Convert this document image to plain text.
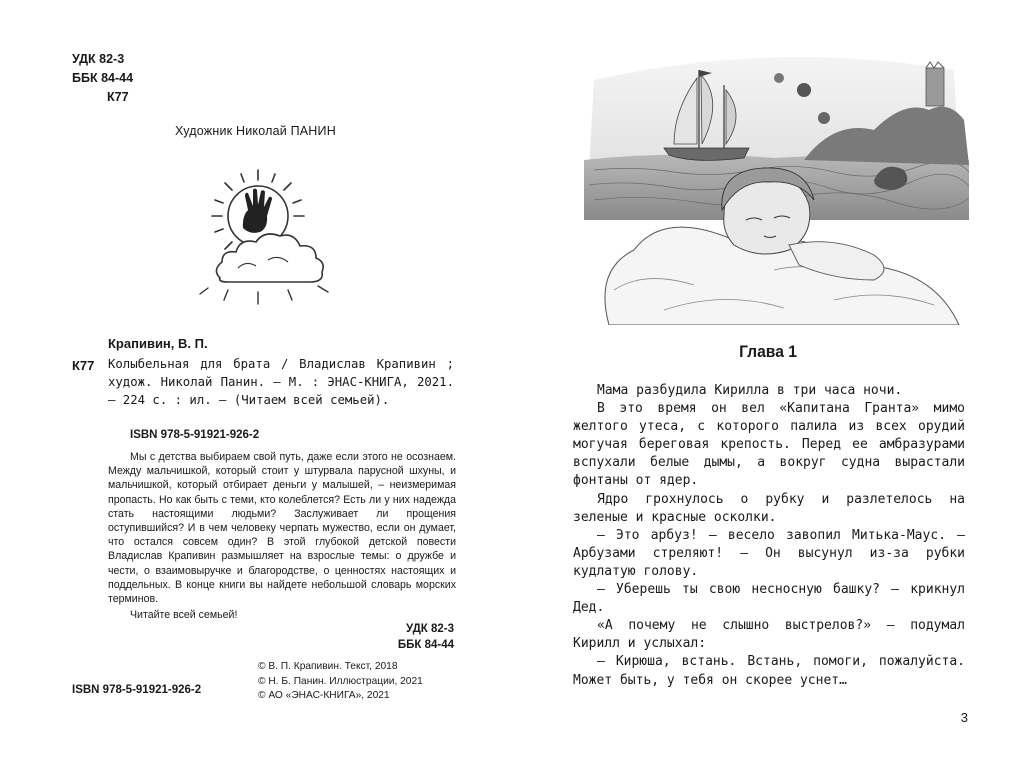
УДК 82-3
ББК 84-44
К77
Художник Николай ПАНИН
Крапивин, В. П.
К77 Колыбельная для брата / Владислав Крапивин ; худож. Николай Панин. – М. : ЭНАС-КНИГА, 2021. – 224 с. : ил. – (Читаем всей семьей).
ISBN 978-5-91921-926-2

Мы с детства выбираем свой путь, даже если этого не осознаем. Между мальчишкой, который стоит у штурвала парусной шхуны, и мальчишкой, который отбирает деньги у малышей, – неизмеримая пропасть. Но как быть с теми, кто колеблется? Есть ли у них надежда стать настоящими людьми? Заслуживает ли прощения оступившийся? И в чем человеку черпать мужество, если он думает, что остался совсем один? В этой глубокой детской повести Владислав Крапивин размышляет на взрослые темы: о дружбе и чести, о взаимовыручке и благородстве, о ценностях настоящих и поддельных. В конце книги вы найдете небольшой словарь морских терминов.

Читайте всей семьей!

УДК 82-3
ББК 84-44
© В. П. Крапивин. Текст, 2018
© Н. Б. Панин. Иллюстрации, 2021
© АО «ЭНАС-КНИГА», 2021
ISBN 978-5-91921-926-2
Глава 1

Мама разбудила Кирилла в три часа ночи.

В это время он вел «Капитана Гранта» мимо желтого утеса, с которого палила из всех орудий могучая береговая крепость. Перед ее амбразурами вспухали белые дымы, а вокруг судна вырастали фонтаны от ядер.

Ядро грохнулось о рубку и разлетелось на зеленые и красные осколки.

– Это арбуз! – весело завопил Митька-Маус. – Арбузами стреляют! – Он высунул из-за рубки кудлатую голову.

– Уберешь ты свою несносную башку? – крикнул Дед.

«А почему не слышно выстрелов?» – подумал Кирилл и услыхал:

– Кирюша, встань. Встань, помоги, пожалуйста. Может быть, у тебя он скорее уснет…

3
